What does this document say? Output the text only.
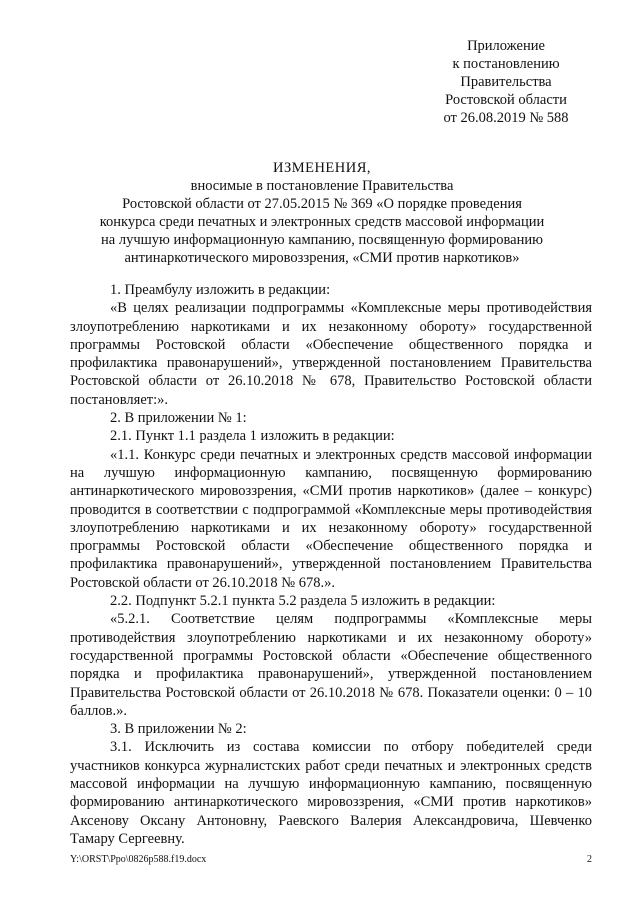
Приложение
к постановлению
Правительства
Ростовской области
от 26.08.2019 № 588
ИЗМЕНЕНИЯ,
вносимые в постановление Правительства
Ростовской области от 27.05.2015 № 369 «О порядке проведения
конкурса среди печатных и электронных средств массовой информации
на лучшую информационную кампанию, посвященную формированию
антинаркотического мировоззрения, «СМИ против наркотиков»

1. Преамбулу изложить в редакции:

«В целях реализации подпрограммы «Комплексные меры противодействия злоупотреблению наркотиками и их незаконному обороту» государственной программы Ростовской области «Обеспечение общественного порядка и профилактика правонарушений», утвержденной постановлением Правительства Ростовской области от 26.10.2018 № 678, Правительство Ростовской области постановляет:».

2. В приложении № 1:

2.1. Пункт 1.1 раздела 1 изложить в редакции:

«1.1. Конкурс среди печатных и электронных средств массовой информации на лучшую информационную кампанию, посвященную формированию антинаркотического мировоззрения, «СМИ против наркотиков» (далее – конкурс) проводится в соответствии с подпрограммой «Комплексные меры противодействия злоупотреблению наркотиками и их незаконному обороту» государственной программы Ростовской области «Обеспечение общественного порядка и профилактика правонарушений», утвержденной постановлением Правительства Ростовской области от 26.10.2018 № 678.».

2.2. Подпункт 5.2.1 пункта 5.2 раздела 5 изложить в редакции:

«5.2.1. Соответствие целям подпрограммы «Комплексные меры противодействия злоупотреблению наркотиками и их незаконному обороту» государственной программы Ростовской области «Обеспечение общественного порядка и профилактика правонарушений», утвержденной постановлением Правительства Ростовской области от 26.10.2018 № 678. Показатели оценки: 0 – 10 баллов.».

3. В приложении № 2:

3.1. Исключить из состава комиссии по отбору победителей среди участников конкурса журналистских работ среди печатных и электронных средств массовой информации на лучшую информационную кампанию, посвященную формированию антинаркотического мировоззрения, «СМИ против наркотиков» Аксенову Оксану Антоновну, Раевского Валерия Александровича, Шевченко Тамару Сергеевну.

Y:\ORST\Ppo\0826p588.f19.docx	2
